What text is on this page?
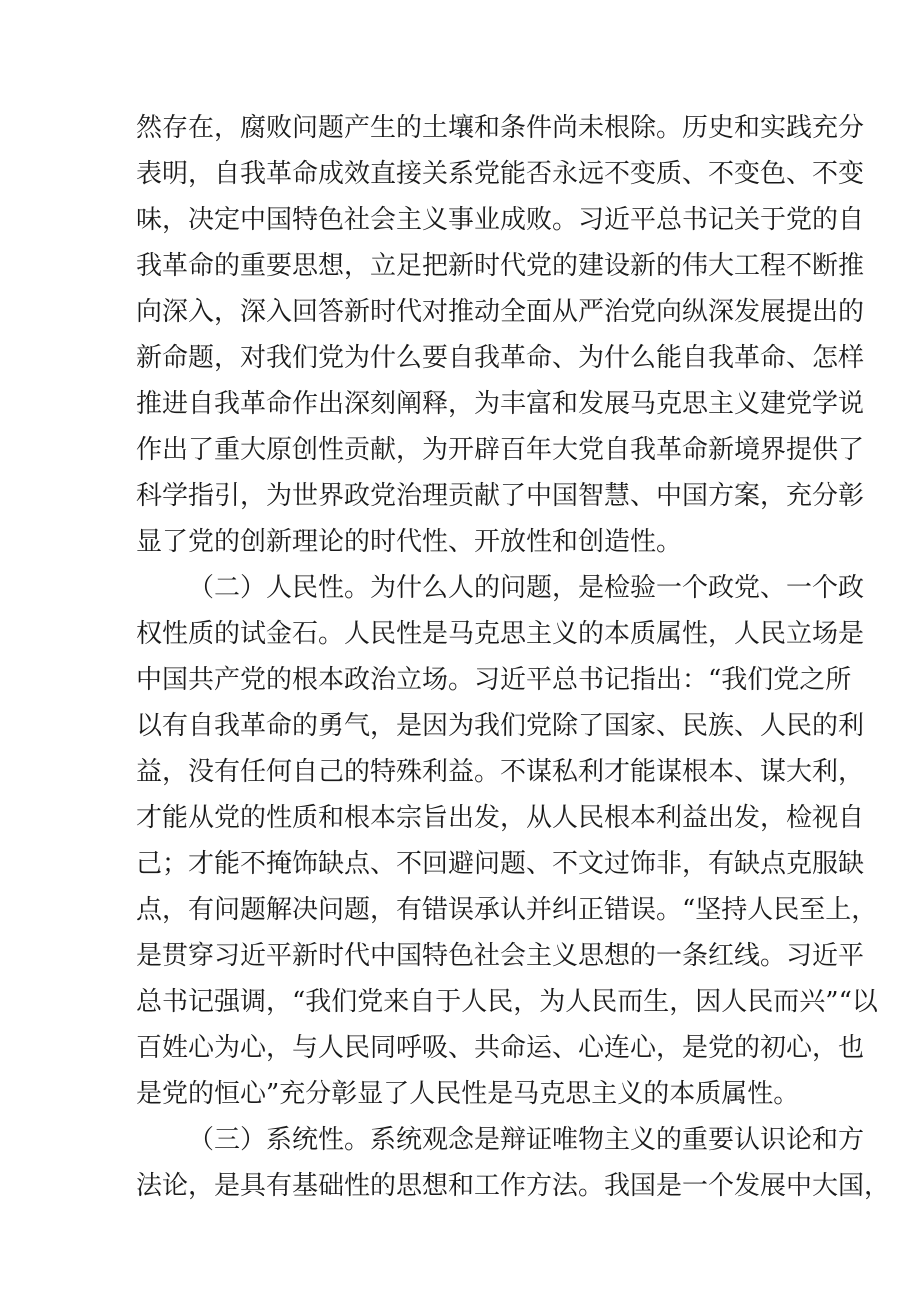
然存在，腐败问题产生的土壤和条件尚未根除。历史和实践充分
表明，自我革命成效直接关系党能否永远不变质、不变色、不变
味，决定中国特色社会主义事业成败。习近平总书记关于党的自
我革命的重要思想，立足把新时代党的建设新的伟大工程不断推
向深入，深入回答新时代对推动全面从严治党向纵深发展提出的
新命题，对我们党为什么要自我革命、为什么能自我革命、怎样
推进自我革命作出深刻阐释，为丰富和发展马克思主义建党学说
作出了重大原创性贡献，为开辟百年大党自我革命新境界提供了
科学指引，为世界政党治理贡献了中国智慧、中国方案，充分彰
显了党的创新理论的时代性、开放性和创造性。
（二）人民性。为什么人的问题，是检验一个政党、一个政
权性质的试金石。人民性是马克思主义的本质属性，人民立场是
中国共产党的根本政治立场。习近平总书记指出：“我们党之所
以有自我革命的勇气，是因为我们党除了国家、民族、人民的利
益，没有任何自己的特殊利益。不谋私利才能谋根本、谋大利，
才能从党的性质和根本宗旨出发，从人民根本利益出发，检视自
己；才能不掩饰缺点、不回避问题、不文过饰非，有缺点克服缺
点，有问题解决问题，有错误承认并纠正错误。“坚持人民至上，
是贯穿习近平新时代中国特色社会主义思想的一条红线。习近平
总书记强调，“我们党来自于人民，为人民而生，因人民而兴”“以
百姓心为心，与人民同呼吸、共命运、心连心，是党的初心，也
是党的恒心”充分彰显了人民性是马克思主义的本质属性。
（三）系统性。系统观念是辩证唯物主义的重要认识论和方
法论，是具有基础性的思想和工作方法。我国是一个发展中大国，
